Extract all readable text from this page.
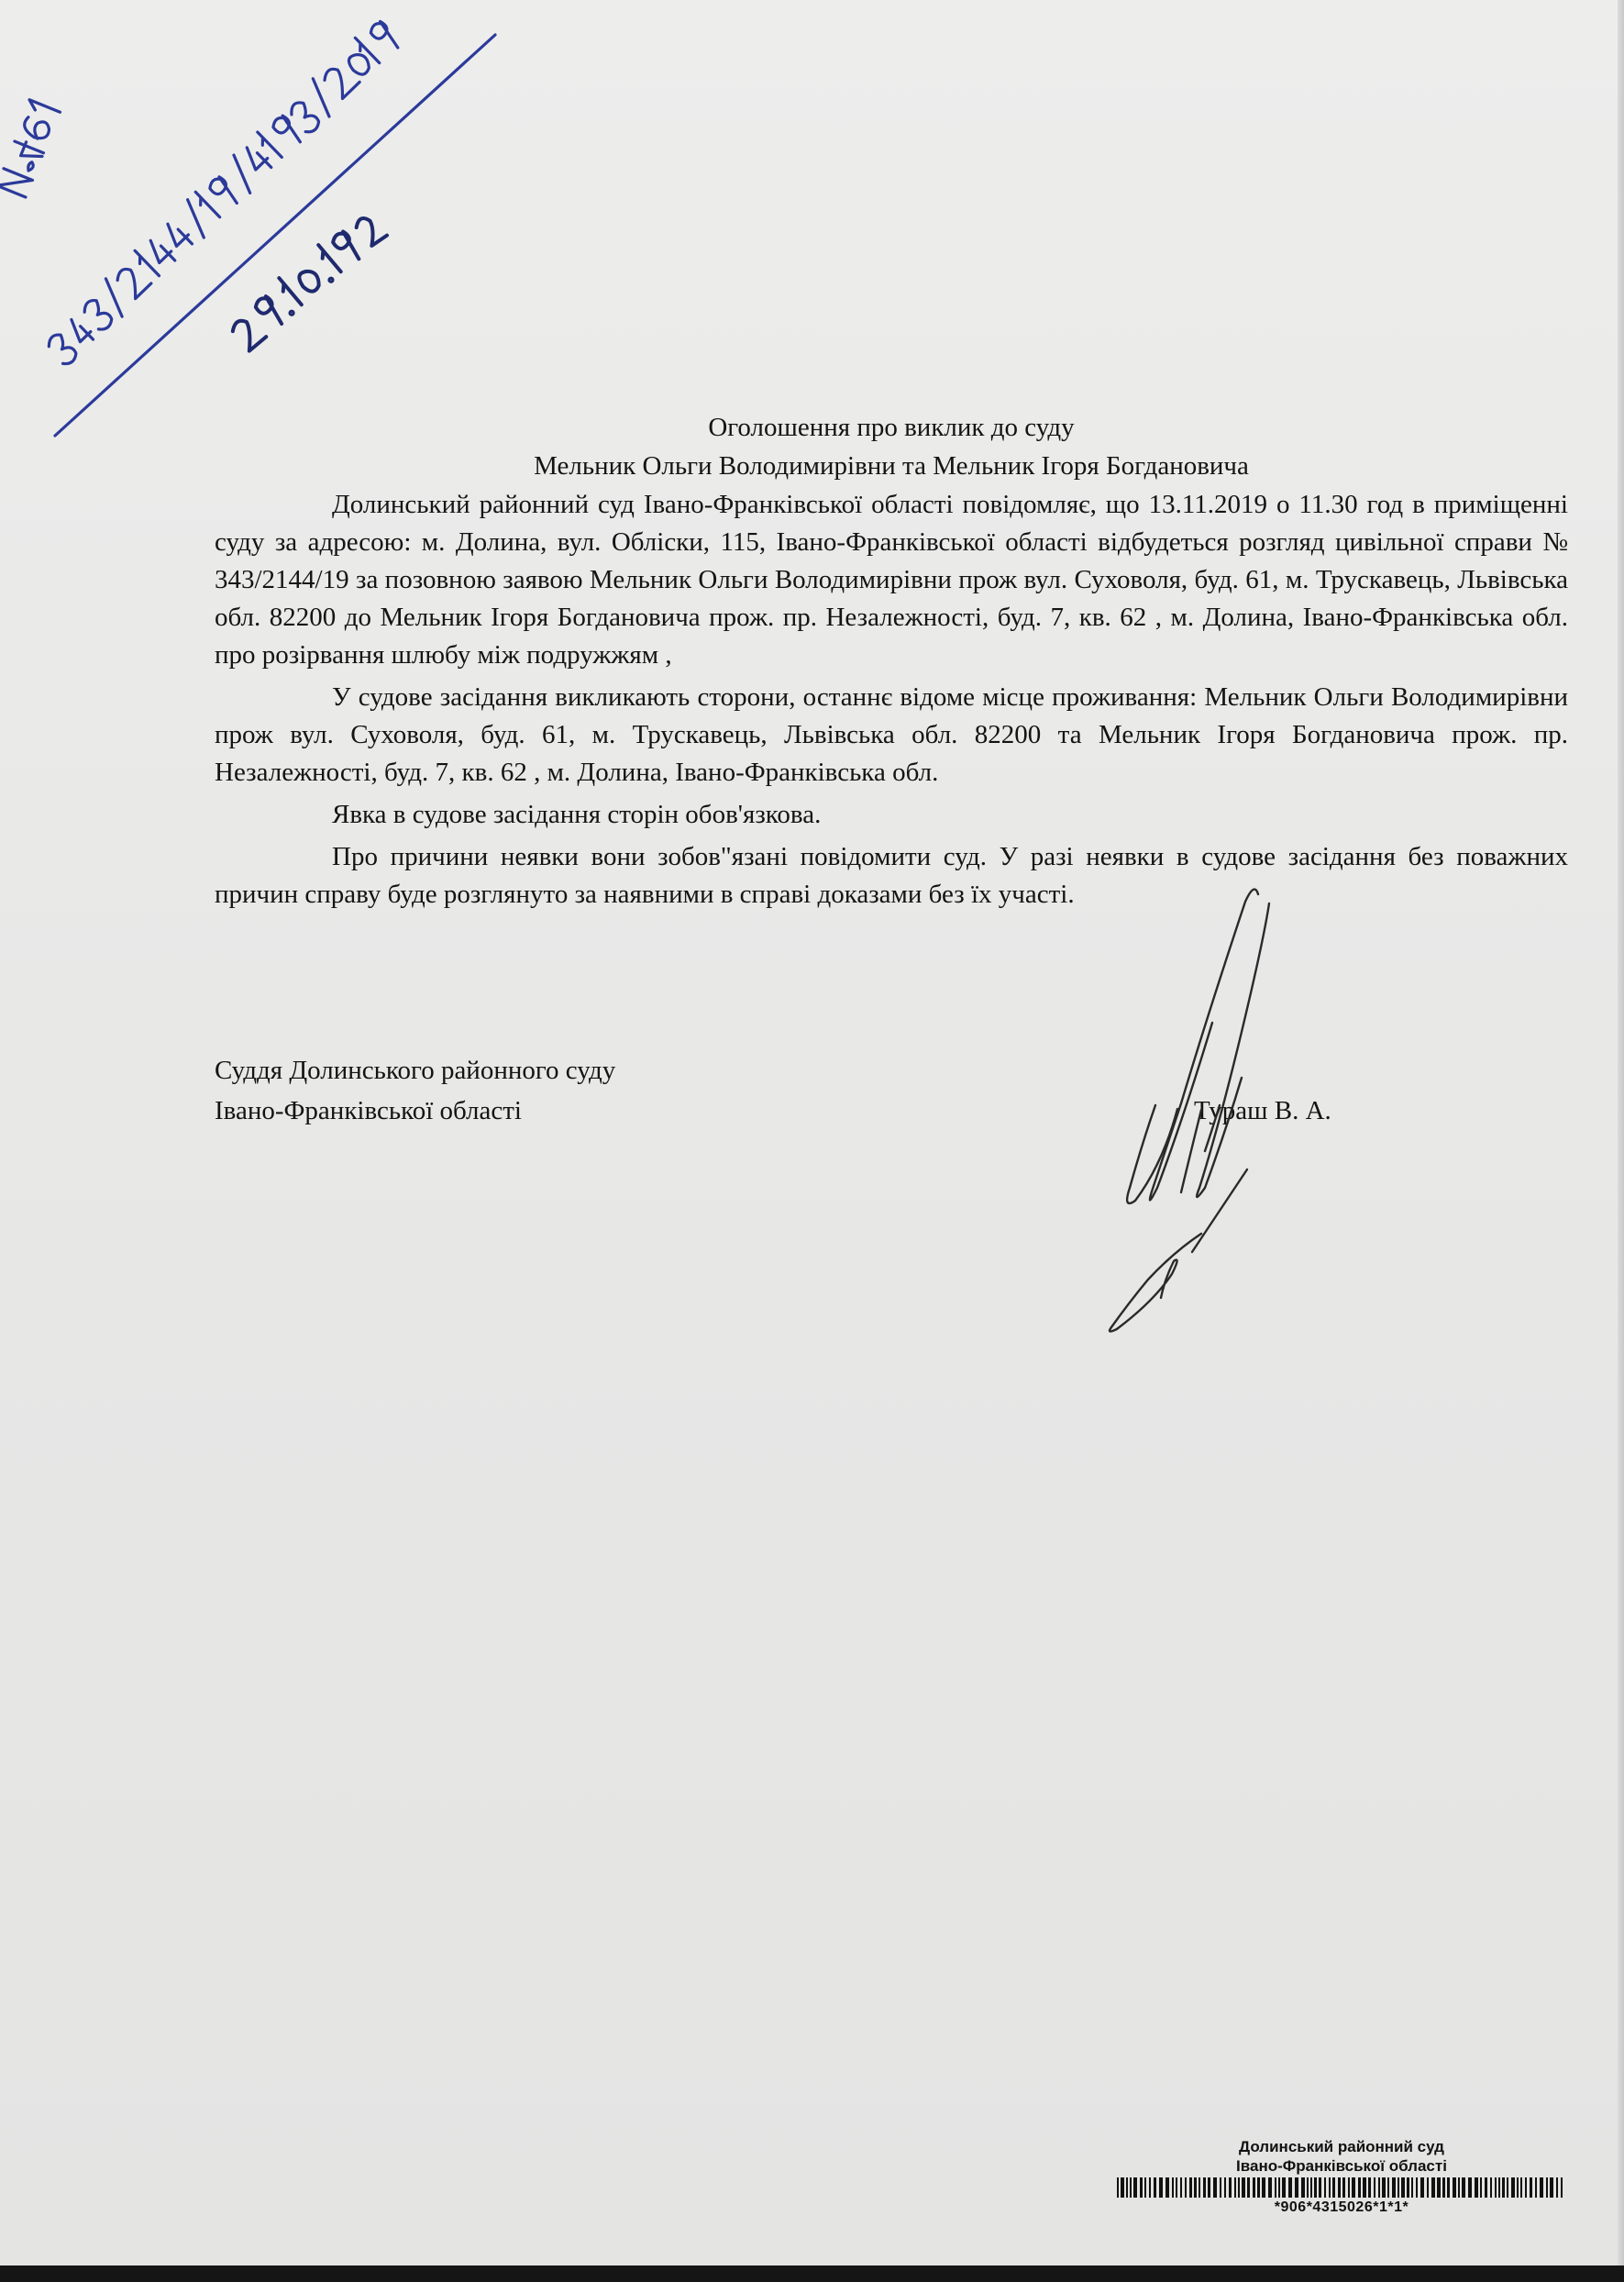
Оголошення про виклик до суду
Мельник Ольги Володимирівни та Мельник Ігоря Богдановича

Долинський районний суд Івано-Франківської області повідомляє, що 13.11.2019 о 11.30 год в приміщенні суду за адресою: м. Долина, вул. Обліски, 115, Івано-Франківської області відбудеться розгляд цивільної справи № 343/2144/19 за позовною заявою Мельник Ольги Володимирівни прож вул. Суховоля, буд. 61, м. Трускавець, Львівська обл. 82200 до Мельник Ігоря Богдановича прож. пр. Незалежності, буд. 7, кв. 62 , м. Долина, Івано-Франківська обл. про розірвання шлюбу між подружжям ,

У судове засідання викликають сторони, останнє відоме місце проживання: Мельник Ольги Володимирівни прож вул. Суховоля, буд. 61, м. Трускавець, Львівська обл. 82200 та Мельник Ігоря Богдановича прож. пр. Незалежності, буд. 7, кв. 62 , м. Долина, Івано-Франківська обл.

Явка в судове засідання сторін обов'язкова.

Про причини неявки вони зобов"язані повідомити суд. У разі неявки в судове засідання без поважних причин справу буде розглянуто за наявними в справі доказами без їх участі.

Суддя Долинського районного суду
Івано-Франківської області	Тураш В. А.
Долинський районний суд
Івано-Франківської області
*906*4315026*1*1*
